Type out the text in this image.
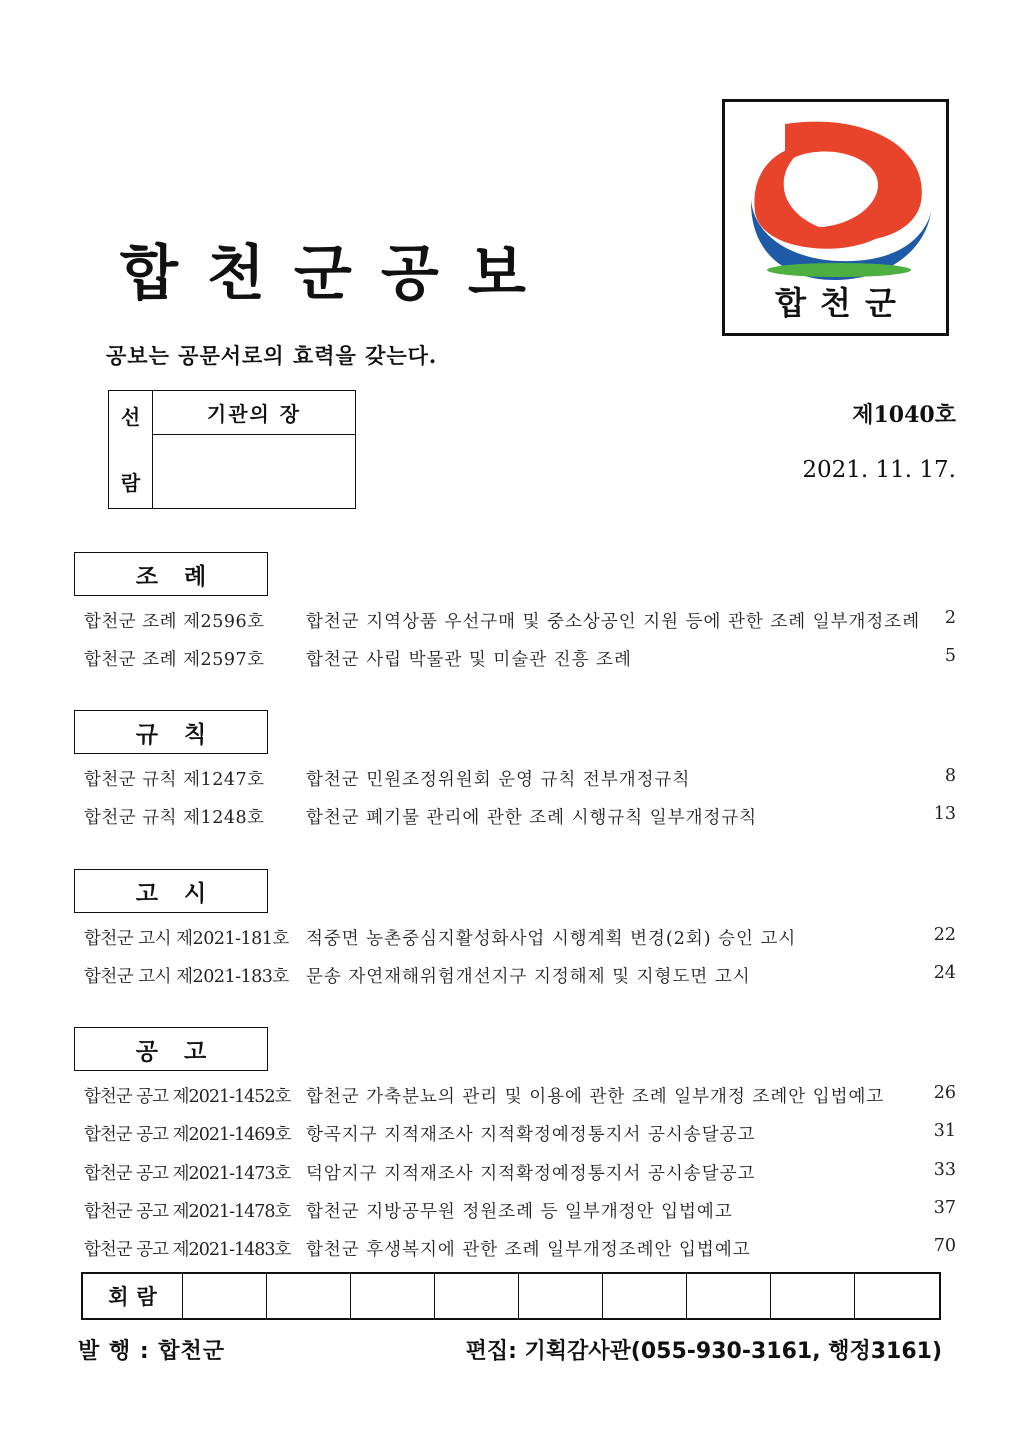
합천군공보
공보는 공문서로의 효력을 갖는다.
합천군
선
람
기관의 장	제1040호
2021. 11. 17.
조례
합천군 조례 제2596호 합천군 지역상품 우선구매 및 중소상공인 지원 등에 관한 조례 일부개정조례 2
합천군 조례 제2597호 합천군 사립 박물관 및 미술관 진흥 조례	5
규칙
합천군 규칙 제1247호 합천군 민원조정위원회 운영 규칙 전부개정규칙	8
합천군 규칙 제1248호 합천군 폐기물 관리에 관한 조례 시행규칙 일부개정규칙	13
고시
합천군 고시 제2021-181호 적중면 농촌중심지활성화사업 시행계획 변경(2회) 승인 고시	22
합천군 고시 제2021-183호 문송 자연재해위험개선지구 지정해제 및 지형도면 고시	24
공고
합천군 공고 제2021-1452호 합천군 가축분뇨의 관리 및 이용에 관한 조례 일부개정 조례안 입법예고	26
합천군 공고 제2021-1469호 항곡지구 지적재조사 지적확정예정통지서 공시송달공고	31
합천군 공고 제2021-1473호 덕암지구 지적재조사 지적확정예정통지서 공시송달공고	33
합천군 공고 제2021-1478호 합천군 지방공무원 정원조례 등 일부개정안 입법예고	37
합천군 공고 제2021-1483호 합천군 후생복지에 관한 조례 일부개정조례안 입법예고	70
회람
발 행 : 합천군	편집: 기획감사관(055-930-3161, 행정3161)
